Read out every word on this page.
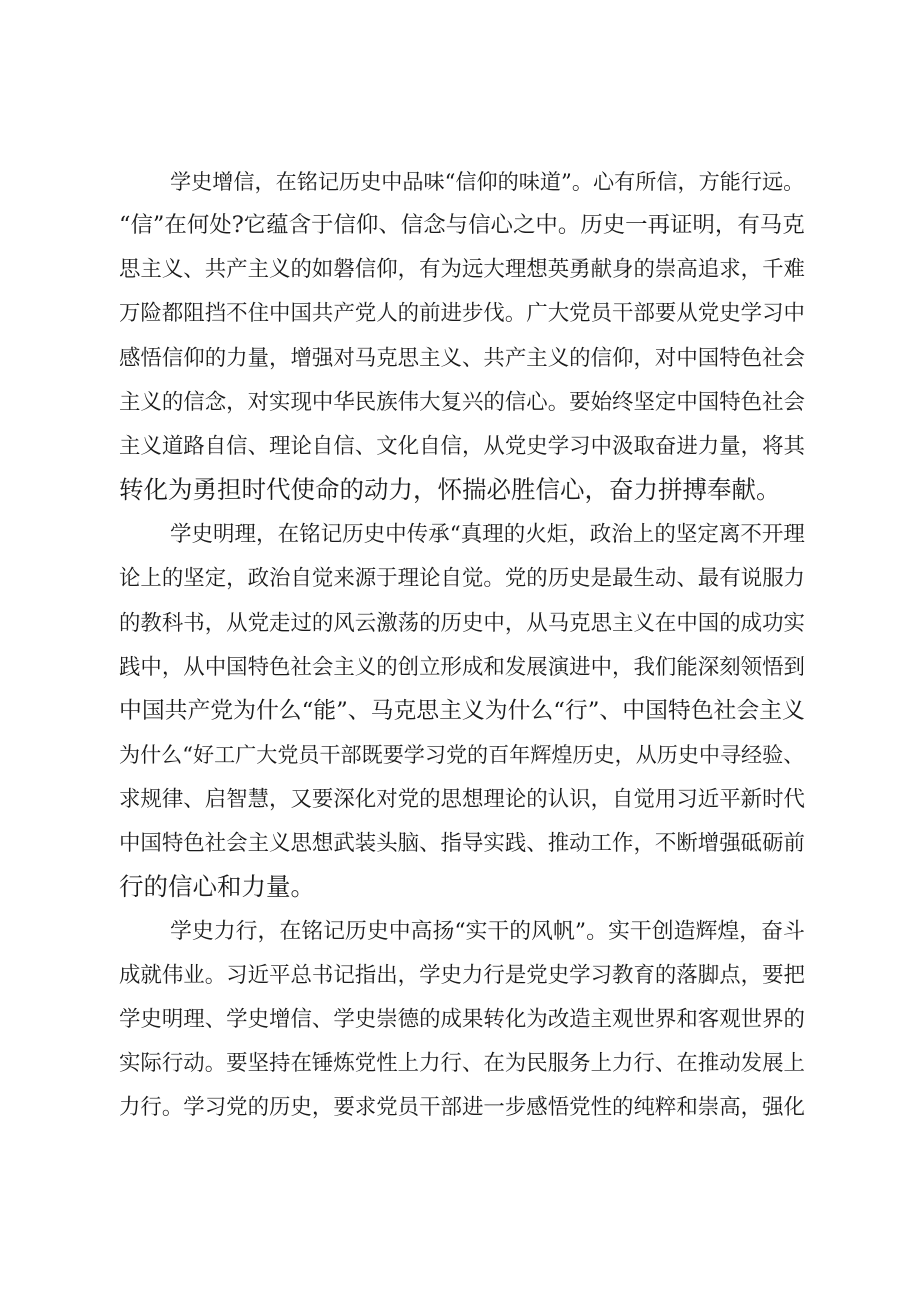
学史增信，在铭记历史中品味“信仰的味道”。心有所信，方能行远。
“信”在何处?它蕴含于信仰、信念与信心之中。历史一再证明，有马克
思主义、共产主义的如磐信仰，有为远大理想英勇献身的崇高追求，千难
万险都阻挡不住中国共产党人的前进步伐。广大党员干部要从党史学习中
感悟信仰的力量，增强对马克思主义、共产主义的信仰，对中国特色社会
主义的信念，对实现中华民族伟大复兴的信心。要始终坚定中国特色社会
主义道路自信、理论自信、文化自信，从党史学习中汲取奋进力量，将其
转化为勇担时代使命的动力，怀揣必胜信心，奋力拼搏奉献。
学史明理，在铭记历史中传承“真理的火炬，政治上的坚定离不开理
论上的坚定，政治自觉来源于理论自觉。党的历史是最生动、最有说服力
的教科书，从党走过的风云激荡的历史中，从马克思主义在中国的成功实
践中，从中国特色社会主义的创立形成和发展演进中，我们能深刻领悟到
中国共产党为什么“能”、马克思主义为什么“行”、中国特色社会主义
为什么“好工广大党员干部既要学习党的百年辉煌历史，从历史中寻经验、
求规律、启智慧，又要深化对党的思想理论的认识，自觉用习近平新时代
中国特色社会主义思想武装头脑、指导实践、推动工作，不断增强砥砺前
行的信心和力量。
学史力行，在铭记历史中高扬“实干的风帆”。实干创造辉煌，奋斗
成就伟业。习近平总书记指出，学史力行是党史学习教育的落脚点，要把
学史明理、学史增信、学史崇德的成果转化为改造主观世界和客观世界的
实际行动。要坚持在锤炼党性上力行、在为民服务上力行、在推动发展上
力行。学习党的历史，要求党员干部进一步感悟党性的纯粹和崇高，强化
